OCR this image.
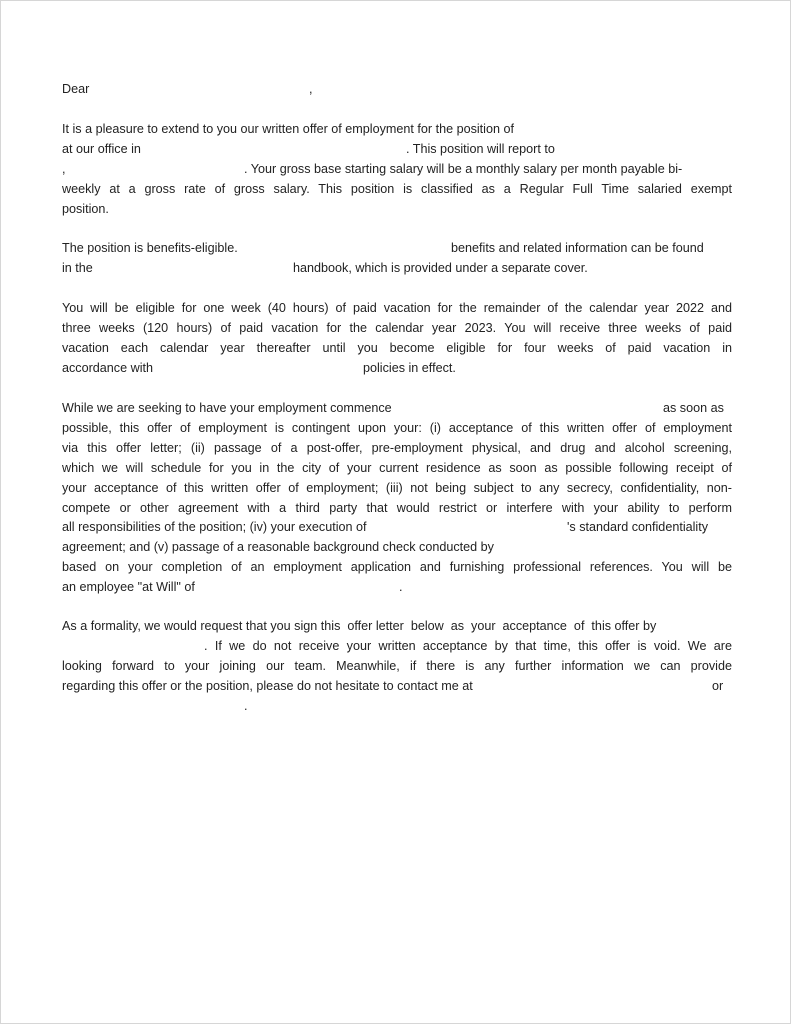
Dear	,
It is a pleasure to extend to you our written offer of employment for the position of
at our office in	. This position will report to
,	. Your gross base starting salary will be a monthly salary per month payable bi-
weekly at a gross rate of gross salary. This position is classified as a Regular Full Time salaried exempt
position.
The position is benefits-eligible.	benefits and related information can be found
in the	handbook, which is provided under a separate cover.
You will be eligible for one week (40 hours) of paid vacation for the remainder of the calendar year 2022 and
three weeks (120 hours) of paid vacation for the calendar year 2023. You will receive three weeks of paid
vacation each calendar year thereafter until you become eligible for four weeks of paid vacation in
accordance with	policies in effect.
While we are seeking to have your employment commence	as soon as
possible, this offer of employment is contingent upon your: (i) acceptance of this written offer of employment
via this offer letter; (ii) passage of a post-offer, pre-employment physical, and drug and alcohol screening,
which we will schedule for you in the city of your current residence as soon as possible following receipt of
your acceptance of this written offer of employment; (iii) not being subject to any secrecy, confidentiality, non-
compete or other agreement with a third party that would restrict or interfere with your ability to perform
all responsibilities of the position; (iv) your execution of	's standard confidentiality
agreement; and (v) passage of a reasonable background check conducted by
based on your completion of an employment application and furnishing professional references. You will be
an employee "at Will" of	.
As a formality, we would request that you sign this  offer letter  below  as  your  acceptance  of  this offer by
. If we do not receive your written acceptance by that time, this offer is void. We are
looking forward to your joining our team. Meanwhile, if there is any further information we can provide
regarding this offer or the position, please do not hesitate to contact me at	or
.
